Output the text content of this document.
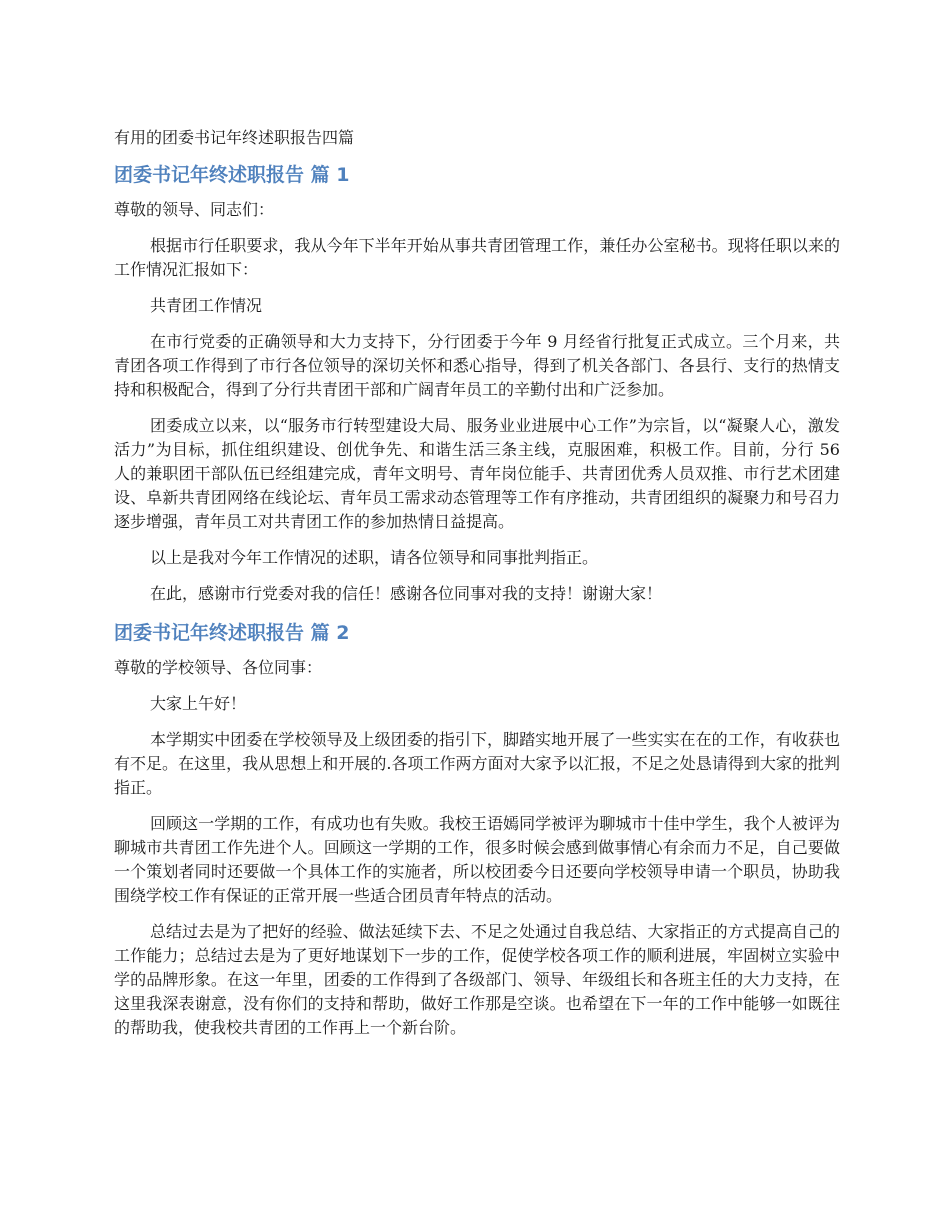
有用的团委书记年终述职报告四篇
团委书记年终述职报告 篇 1

尊敬的领导、同志们：

根据市行任职要求，我从今年下半年开始从事共青团管理工作，兼任办公室秘书。现将任职以来的工作情况汇报如下：

共青团工作情况

在市行党委的正确领导和大力支持下，分行团委于今年 9 月经省行批复正式成立。三个月来，共青团各项工作得到了市行各位领导的深切关怀和悉心指导，得到了机关各部门、各县行、支行的热情支持和积极配合，得到了分行共青团干部和广阔青年员工的辛勤付出和广泛参加。

团委成立以来，以“服务市行转型建设大局、服务业业进展中心工作”为宗旨，以“凝聚人心，激发活力”为目标，抓住组织建设、创优争先、和谐生活三条主线，克服困难，积极工作。目前，分行 56 人的兼职团干部队伍已经组建完成，青年文明号、青年岗位能手、共青团优秀人员双推、市行艺术团建设、阜新共青团网络在线论坛、青年员工需求动态管理等工作有序推动，共青团组织的凝聚力和号召力逐步增强，青年员工对共青团工作的参加热情日益提高。

以上是我对今年工作情况的述职，请各位领导和同事批判指正。

在此，感谢市行党委对我的信任！感谢各位同事对我的支持！谢谢大家！

团委书记年终述职报告 篇 2

尊敬的学校领导、各位同事：

大家上午好！

本学期实中团委在学校领导及上级团委的指引下，脚踏实地开展了一些实实在在的工作，有收获也有不足。在这里，我从思想上和开展的.各项工作两方面对大家予以汇报，不足之处恳请得到大家的批判指正。

回顾这一学期的工作，有成功也有失败。我校王语嫣同学被评为聊城市十佳中学生，我个人被评为聊城市共青团工作先进个人。回顾这一学期的工作，很多时候会感到做事情心有余而力不足，自己要做一个策划者同时还要做一个具体工作的实施者，所以校团委今日还要向学校领导申请一个职员，协助我围绕学校工作有保证的正常开展一些适合团员青年特点的活动。

总结过去是为了把好的经验、做法延续下去、不足之处通过自我总结、大家指正的方式提高自己的工作能力；总结过去是为了更好地谋划下一步的工作，促使学校各项工作的顺利进展，牢固树立实验中学的品牌形象。在这一年里，团委的工作得到了各级部门、领导、年级组长和各班主任的大力支持，在这里我深表谢意，没有你们的支持和帮助，做好工作那是空谈。也希望在下一年的工作中能够一如既往的帮助我，使我校共青团的工作再上一个新台阶。
